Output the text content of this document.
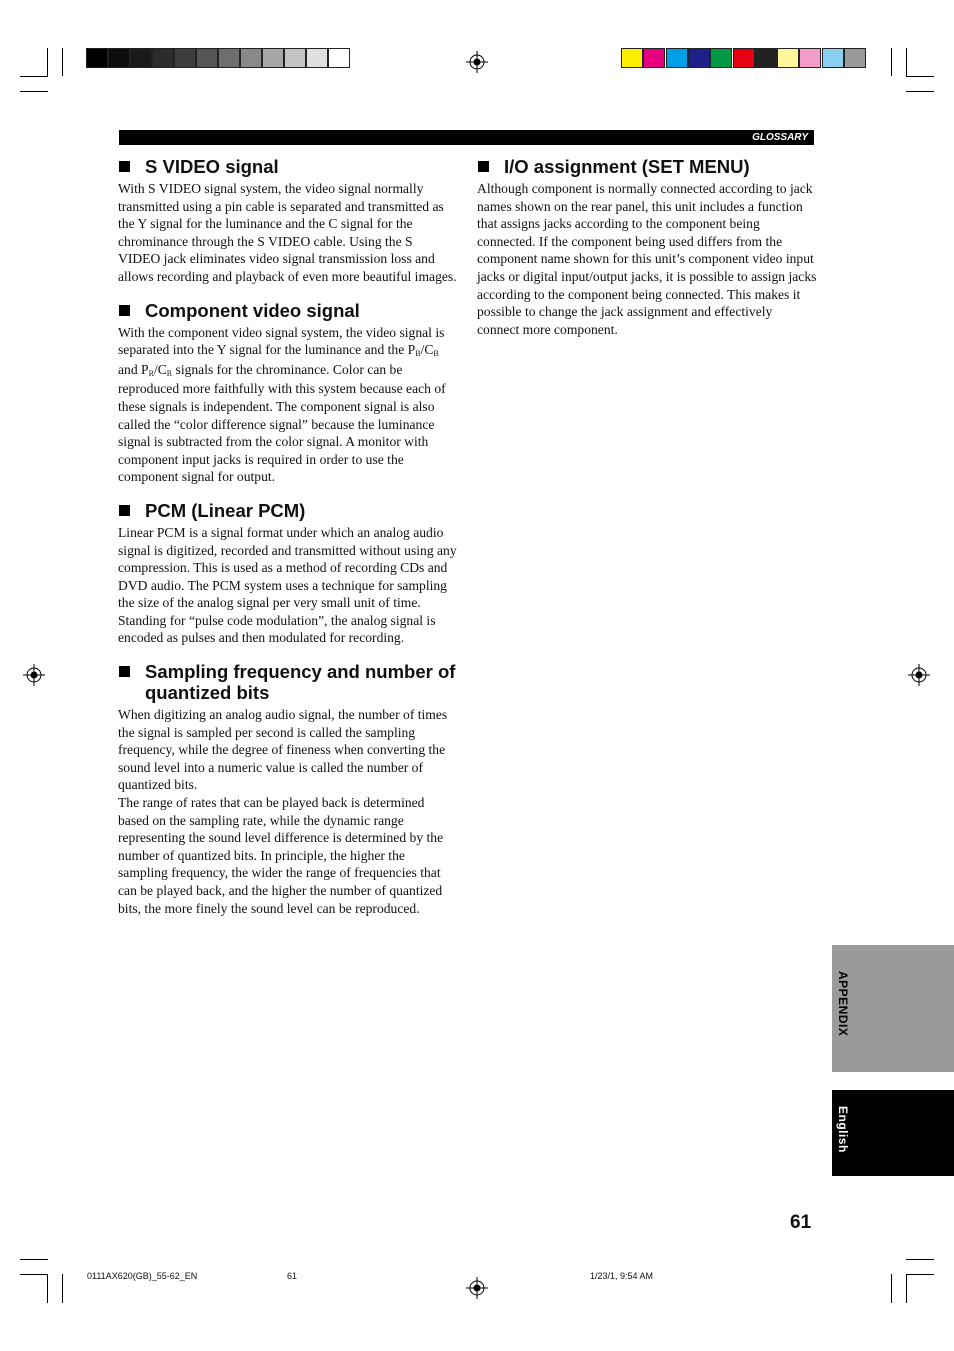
GLOSSARY
S VIDEO signal

With S VIDEO signal system, the video signal normally transmitted using a pin cable is separated and transmitted as the Y signal for the luminance and the C signal for the chrominance through the S VIDEO cable. Using the S VIDEO jack eliminates video signal transmission loss and allows recording and playback of even more beautiful images.

Component video signal

With the component video signal system, the video signal is separated into the Y signal for the luminance and the $P_B/C_B$ and $P_R/C_R$ signals for the chrominance. Color can be reproduced more faithfully with this system because each of these signals is independent. The component signal is also called the “color difference signal” because the luminance signal is subtracted from the color signal. A monitor with component input jacks is required in order to use the component signal for output.

PCM (Linear PCM)

Linear PCM is a signal format under which an analog audio signal is digitized, recorded and transmitted without using any compression. This is used as a method of recording CDs and DVD audio. The PCM system uses a technique for sampling the size of the analog signal per very small unit of time. Standing for “pulse code modulation”, the analog signal is encoded as pulses and then modulated for recording.

Sampling frequency and number of quantized bits

When digitizing an analog audio signal, the number of times the signal is sampled per second is called the sampling frequency, while the degree of fineness when converting the sound level into a numeric value is called the number of quantized bits.

The range of rates that can be played back is determined based on the sampling rate, while the dynamic range representing the sound level difference is determined by the number of quantized bits. In principle, the higher the sampling frequency, the wider the range of frequencies that can be played back, and the higher the number of quantized bits, the more finely the sound level can be reproduced.

I/O assignment (SET MENU)

Although component is normally connected according to jack names shown on the rear panel, this unit includes a function that assigns jacks according to the component being connected. If the component being used differs from the component name shown for this unit’s component video input jacks or digital input/output jacks, it is possible to assign jacks according to the component being connected. This makes it possible to change the jack assignment and effectively connect more component.

APPENDIX
English
61
0111AX620(GB)_55-62_EN	61	1/23/1, 9:54 AM
